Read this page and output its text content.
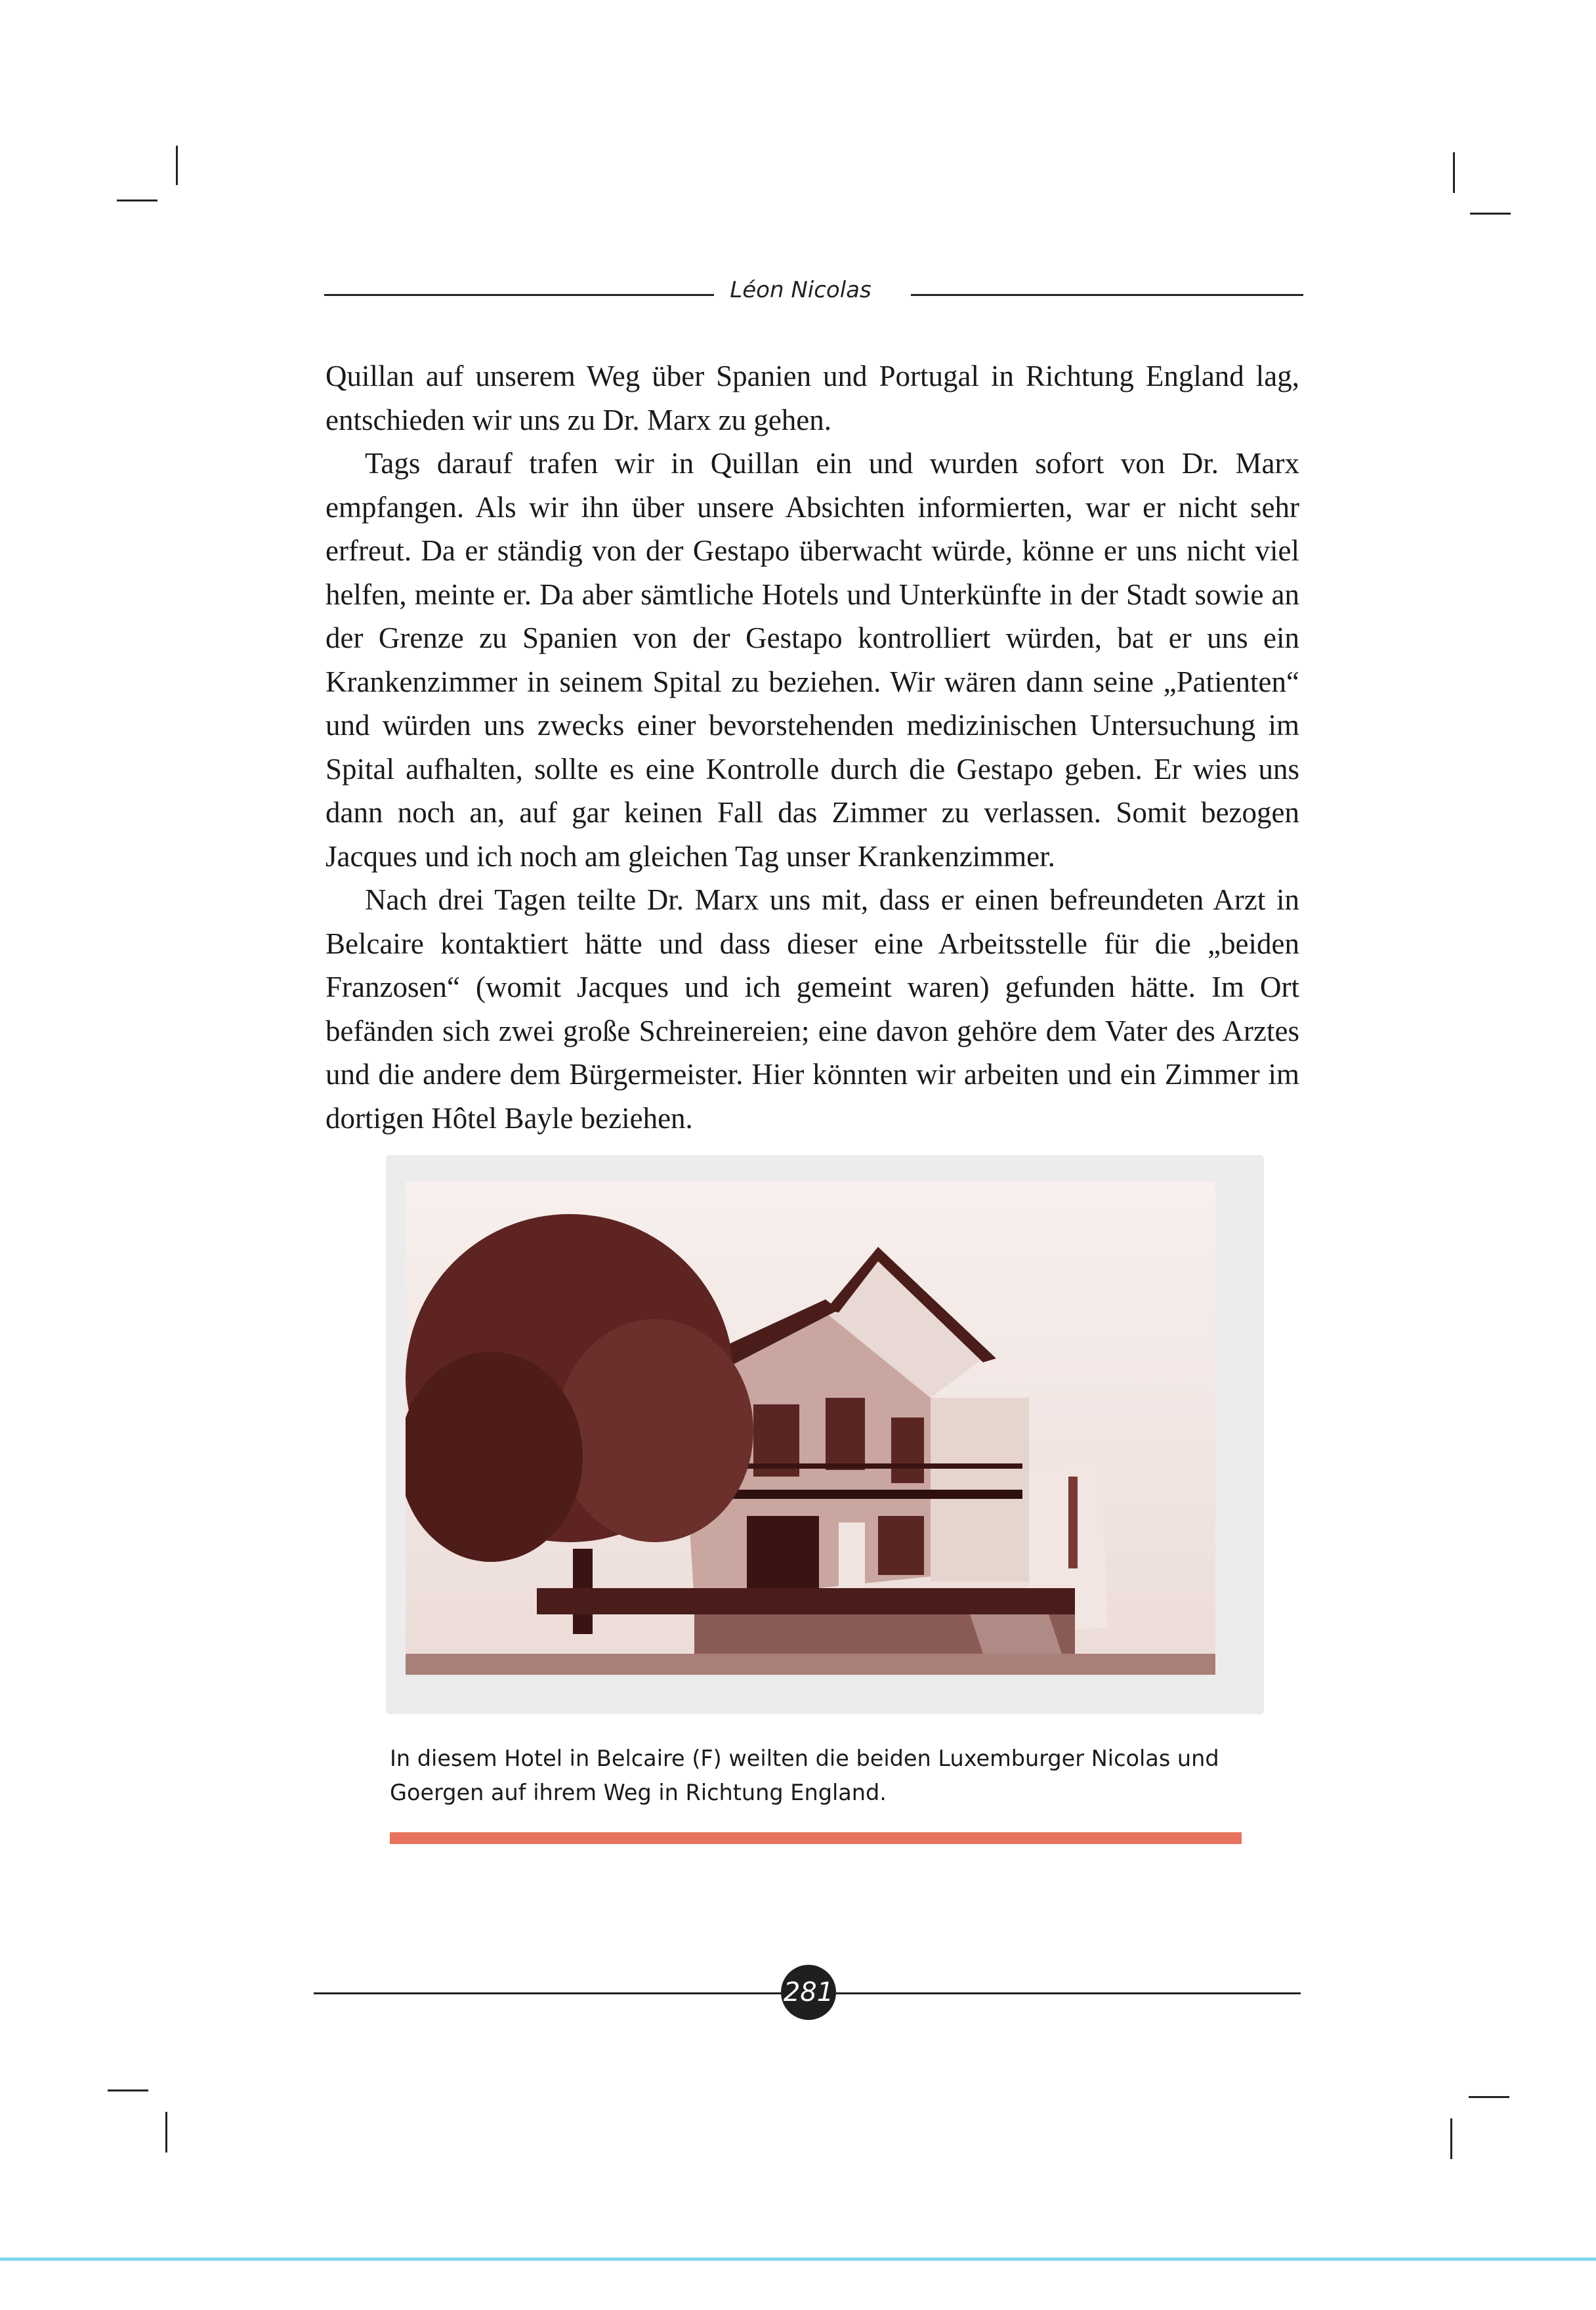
Léon Nicolas

Quillan auf unserem Weg über Spanien und Portugal in Richtung England lag, entschieden wir uns zu Dr. Marx zu gehen.

Tags darauf trafen wir in Quillan ein und wurden sofort von Dr. Marx empfangen. Als wir ihn über unsere Absichten informierten, war er nicht sehr erfreut. Da er ständig von der Gestapo überwacht würde, könne er uns nicht viel helfen, meinte er. Da aber sämtliche Hotels und Unterkünfte in der Stadt sowie an der Grenze zu Spanien von der Gestapo kontrolliert würden, bat er uns ein Krankenzimmer in seinem Spital zu beziehen. Wir wären dann seine „Patienten“ und würden uns zwecks einer bevorstehenden medizinischen Untersuchung im Spital aufhalten, sollte es eine Kontrolle durch die Gestapo geben. Er wies uns dann noch an, auf gar keinen Fall das Zimmer zu verlassen. Somit bezogen Jacques und ich noch am gleichen Tag unser Krankenzimmer.

Nach drei Tagen teilte Dr. Marx uns mit, dass er einen befreundeten Arzt in Belcaire kontaktiert hätte und dass dieser eine Arbeitsstelle für die „beiden Franzosen“ (womit Jacques und ich gemeint waren) gefunden hätte. Im Ort befänden sich zwei große Schreinereien; eine davon gehöre dem Vater des Arztes und die andere dem Bürgermeister. Hier könnten wir arbeiten und ein Zimmer im dortigen Hôtel Bayle beziehen.

In diesem Hotel in Belcaire (F) weilten die beiden Luxemburger Nicolas und Goergen auf ihrem Weg in Richtung England.
281
